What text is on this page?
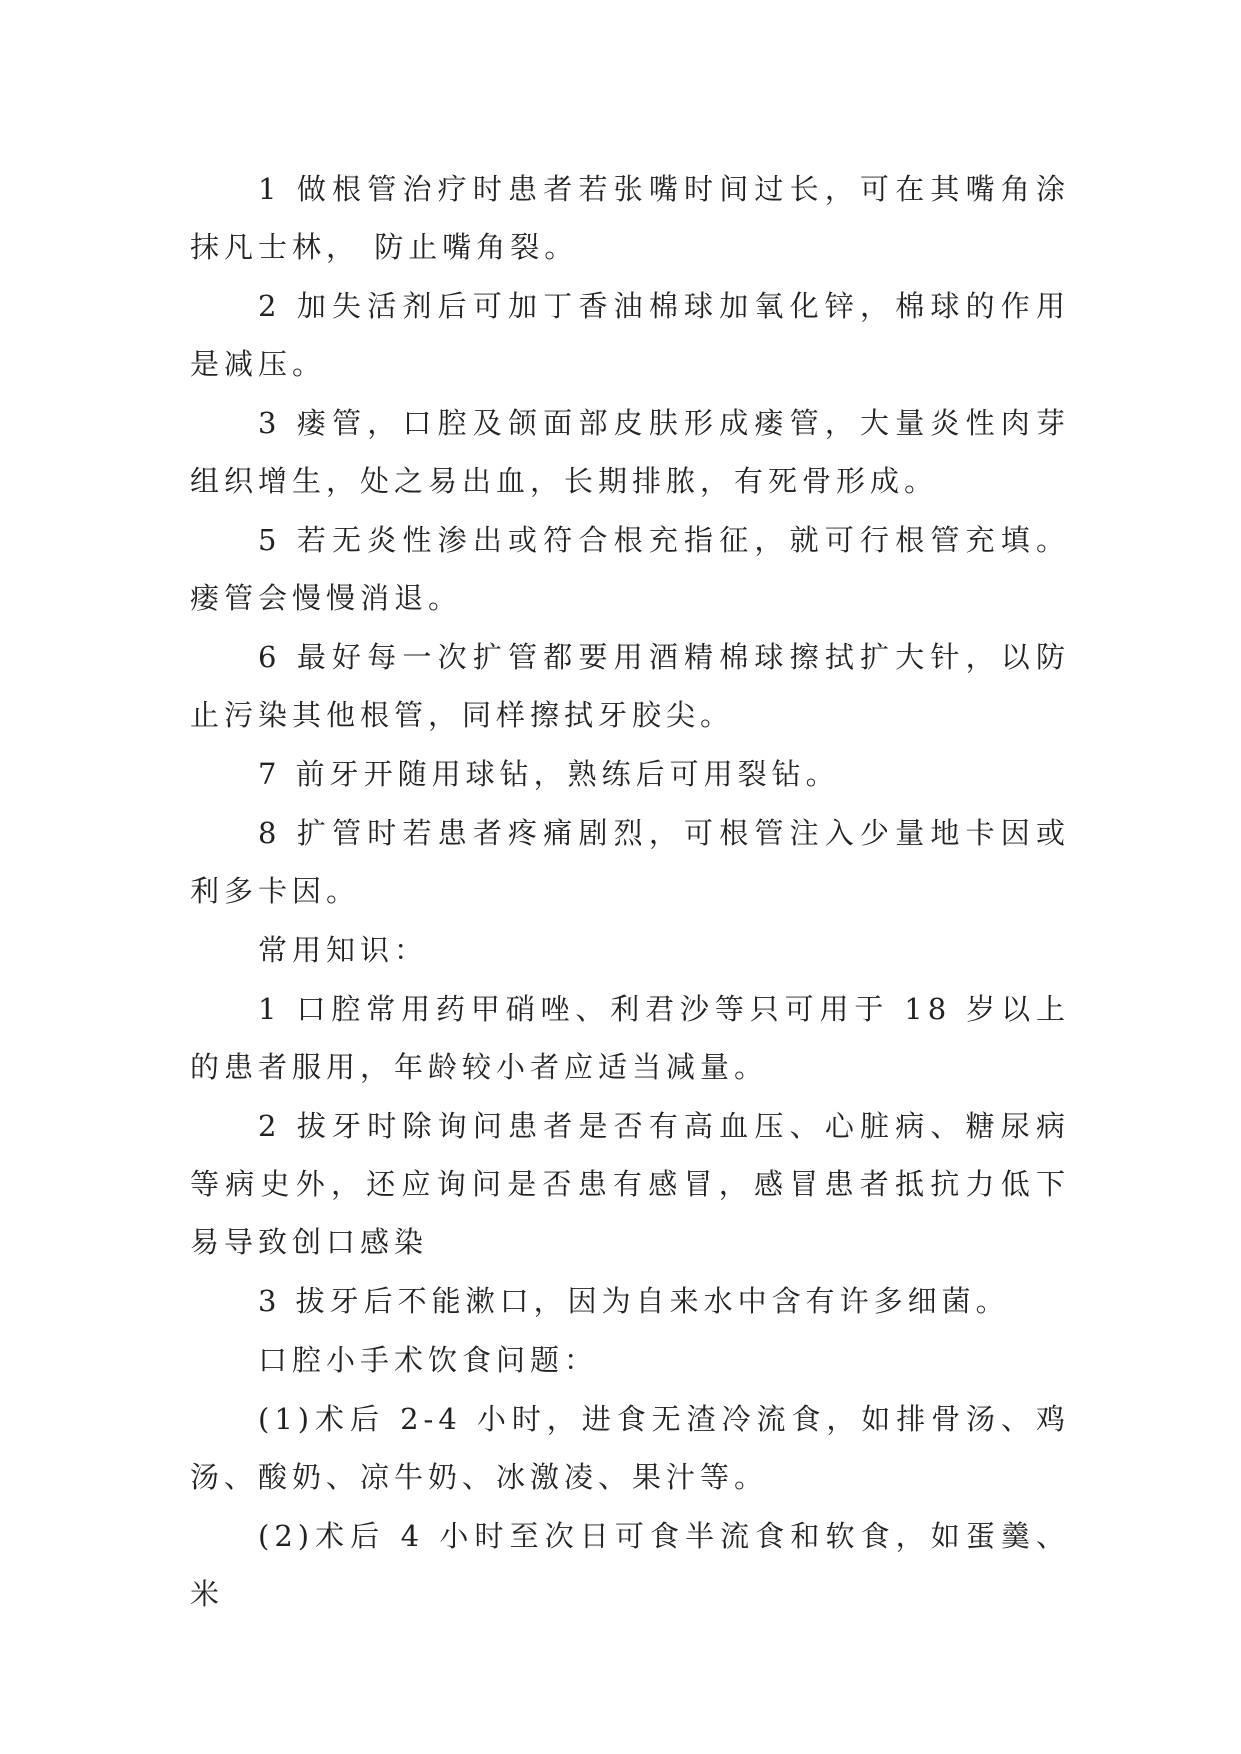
1 做根管治疗时患者若张嘴时间过长，可在其嘴角涂抹凡士林， 防止嘴角裂。

2 加失活剂后可加丁香油棉球加氧化锌，棉球的作用是减压。

3 瘘管，口腔及颌面部皮肤形成瘘管，大量炎性肉芽组织增生，处之易出血，长期排脓，有死骨形成。

5 若无炎性渗出或符合根充指征，就可行根管充填。瘘管会慢慢消退。

6 最好每一次扩管都要用酒精棉球擦拭扩大针，以防止污染其他根管，同样擦拭牙胶尖。

7 前牙开随用球钻，熟练后可用裂钻。

8 扩管时若患者疼痛剧烈，可根管注入少量地卡因或利多卡因。

常用知识：

1 口腔常用药甲硝唑、利君沙等只可用于 18 岁以上的患者服用，年龄较小者应适当减量。

2 拔牙时除询问患者是否有高血压、心脏病、糖尿病等病史外，还应询问是否患有感冒，感冒患者抵抗力低下易导致创口感染

3 拔牙后不能漱口，因为自来水中含有许多细菌。

口腔小手术饮食问题：

(1)术后 2-4 小时，进食无渣冷流食，如排骨汤、鸡汤、酸奶、凉牛奶、冰激凌、果汁等。

(2)术后 4 小时至次日可食半流食和软食，如蛋羹、米
